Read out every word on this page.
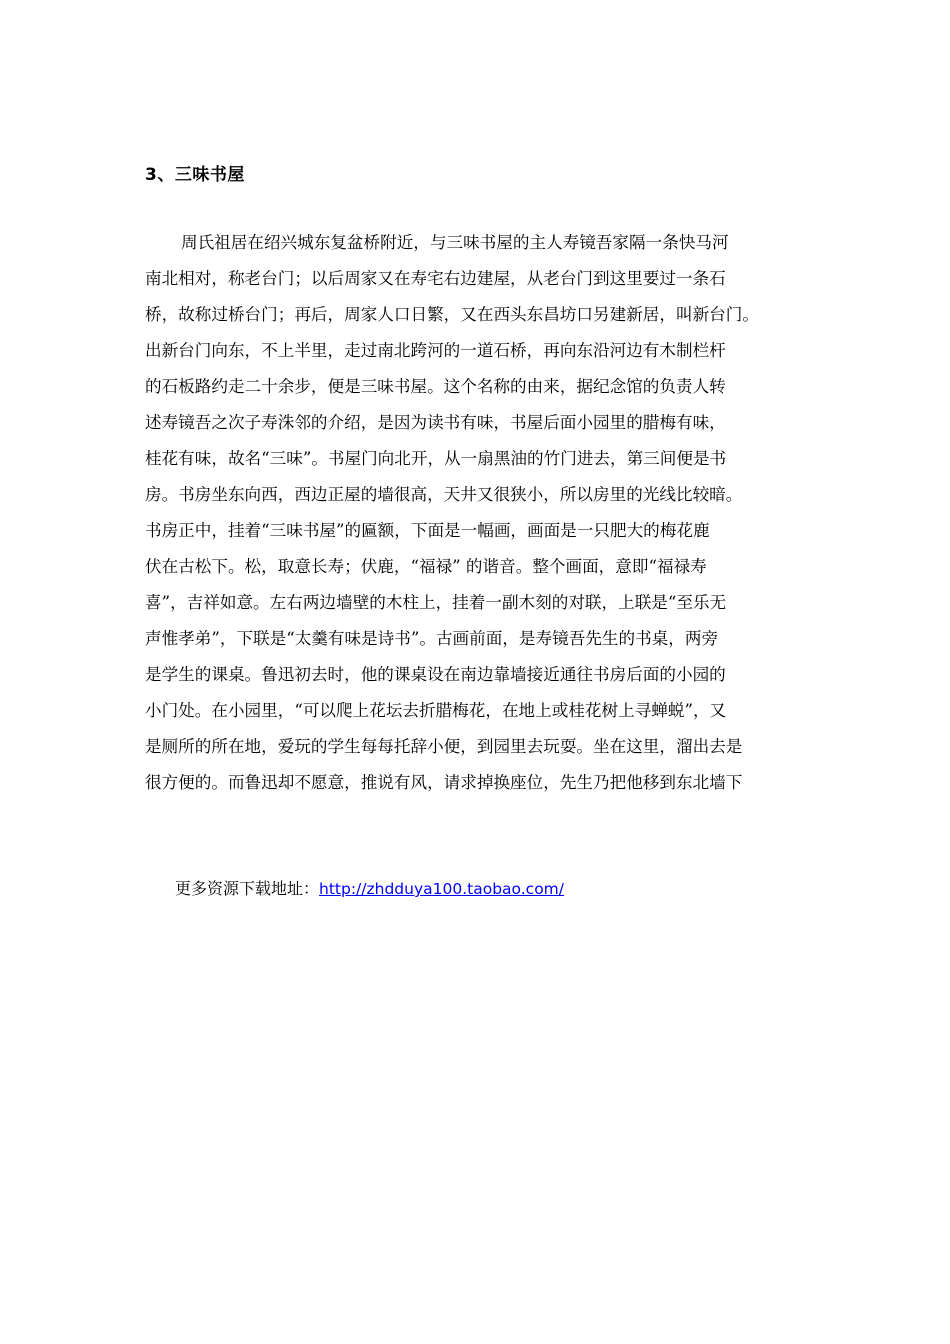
3、三味书屋
周氏祖居在绍兴城东复盆桥附近，与三味书屋的主人寿镜吾家隔一条快马河
南北相对，称老台门；以后周家又在寿宅右边建屋，从老台门到这里要过一条石
桥，故称过桥台门；再后，周家人口日繁，又在西头东昌坊口另建新居，叫新台门。
出新台门向东，不上半里，走过南北跨河的一道石桥，再向东沿河边有木制栏杆
的石板路约走二十余步，便是三味书屋。这个名称的由来，据纪念馆的负责人转
述寿镜吾之次子寿洙邻的介绍，是因为读书有味，书屋后面小园里的腊梅有味，
桂花有味，故名“三味”。书屋门向北开，从一扇黑油的竹门进去，第三间便是书
房。书房坐东向西，西边正屋的墙很高，天井又很狭小，所以房里的光线比较暗。
书房正中，挂着“三味书屋”的匾额，下面是一幅画，画面是一只肥大的梅花鹿
伏在古松下。松，取意长寿；伏鹿，“福禄” 的谐音。整个画面，意即“福禄寿
喜”，吉祥如意。左右两边墙壁的木柱上，挂着一副木刻的对联，上联是“至乐无
声惟孝弟”，下联是“太羹有味是诗书”。古画前面，是寿镜吾先生的书桌，两旁
是学生的课桌。鲁迅初去时，他的课桌设在南边靠墙接近通往书房后面的小园的
小门处。在小园里，“可以爬上花坛去折腊梅花，在地上或桂花树上寻蝉蜕”，又
是厕所的所在地，爱玩的学生每每托辞小便，到园里去玩耍。坐在这里，溜出去是
很方便的。而鲁迅却不愿意，推说有风，请求掉换座位，先生乃把他移到东北墙下
更多资源下载地址：http://zhdduya100.taobao.com/
